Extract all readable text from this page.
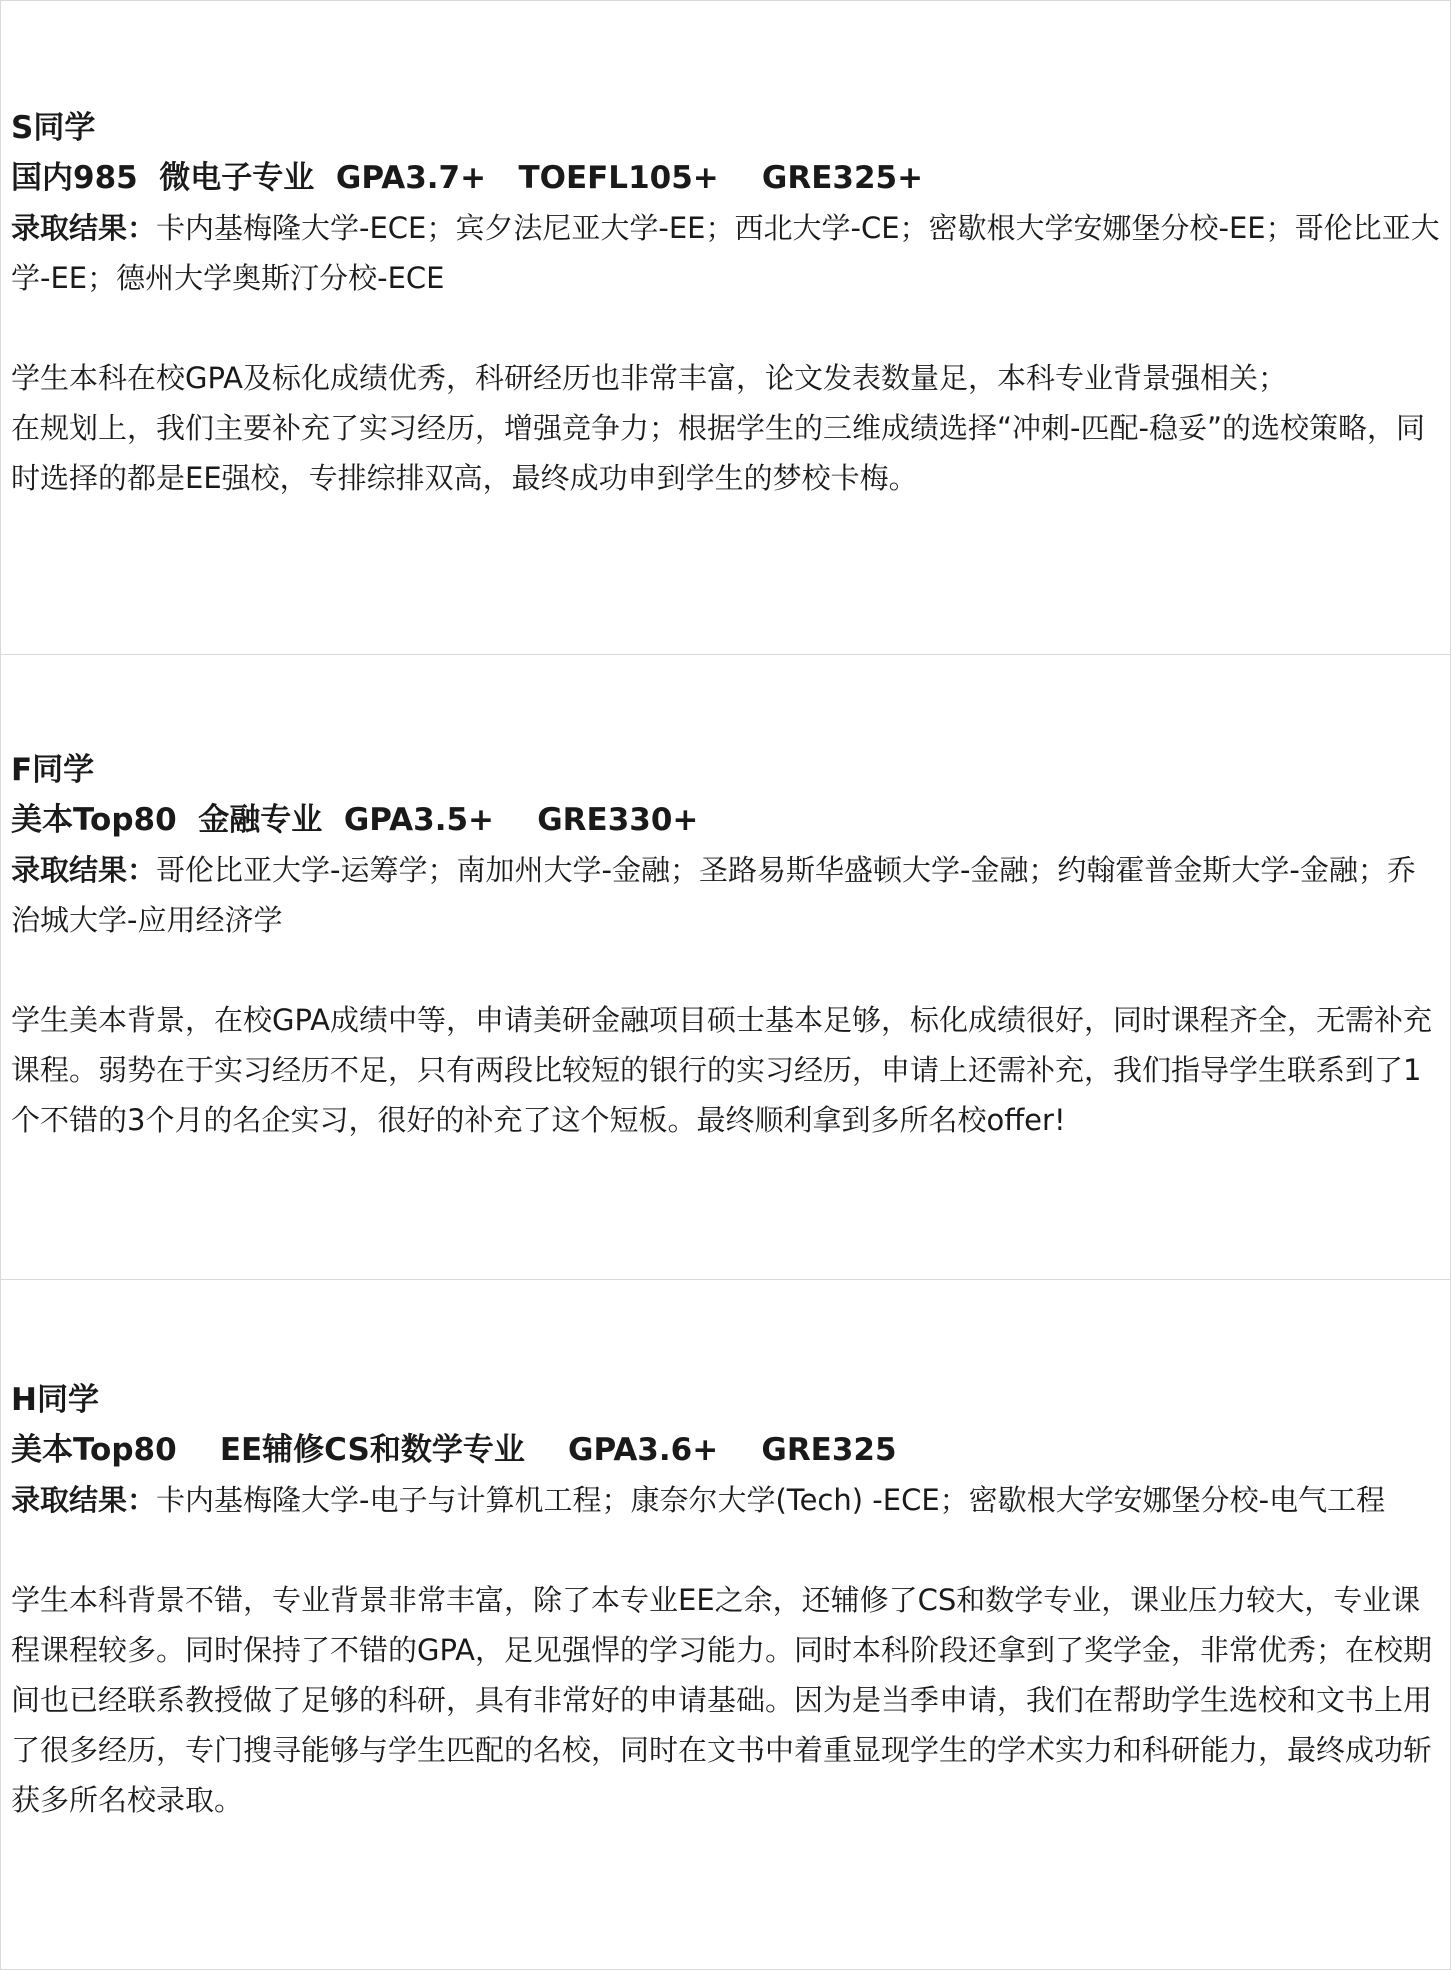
S同学

国内985  微电子专业  GPA3.7+   TOEFL105+    GRE325+

录取结果：卡内基梅隆大学-ECE；宾夕法尼亚大学-EE；西北大学-CE；密歇根大学安娜堡分校-EE；哥伦比亚大学-EE；德州大学奥斯汀分校-ECE

学生本科在校GPA及标化成绩优秀，科研经历也非常丰富，论文发表数量足，本科专业背景强相关；

在规划上，我们主要补充了实习经历，增强竞争力；根据学生的三维成绩选择“冲刺-匹配-稳妥”的选校策略，同时选择的都是EE强校，专排综排双高，最终成功申到学生的梦校卡梅。

F同学

美本Top80  金融专业  GPA3.5+    GRE330+

录取结果：哥伦比亚大学-运筹学；南加州大学-金融；圣路易斯华盛顿大学-金融；约翰霍普金斯大学-金融；乔治城大学-应用经济学

学生美本背景，在校GPA成绩中等，申请美研金融项目硕士基本足够，标化成绩很好，同时课程齐全，无需补充课程。弱势在于实习经历不足，只有两段比较短的银行的实习经历，申请上还需补充，我们指导学生联系到了1个不错的3个月的名企实习，很好的补充了这个短板。最终顺利拿到多所名校offer!

H同学

美本Top80    EE辅修CS和数学专业    GPA3.6+    GRE325

录取结果：卡内基梅隆大学-电子与计算机工程；康奈尔大学(Tech) -ECE；密歇根大学安娜堡分校-电气工程

学生本科背景不错，专业背景非常丰富，除了本专业EE之余，还辅修了CS和数学专业，课业压力较大，专业课程课程较多。同时保持了不错的GPA，足见强悍的学习能力。同时本科阶段还拿到了奖学金，非常优秀；在校期间也已经联系教授做了足够的科研，具有非常好的申请基础。因为是当季申请，我们在帮助学生选校和文书上用了很多经历，专门搜寻能够与学生匹配的名校，同时在文书中着重显现学生的学术实力和科研能力，最终成功斩获多所名校录取。
